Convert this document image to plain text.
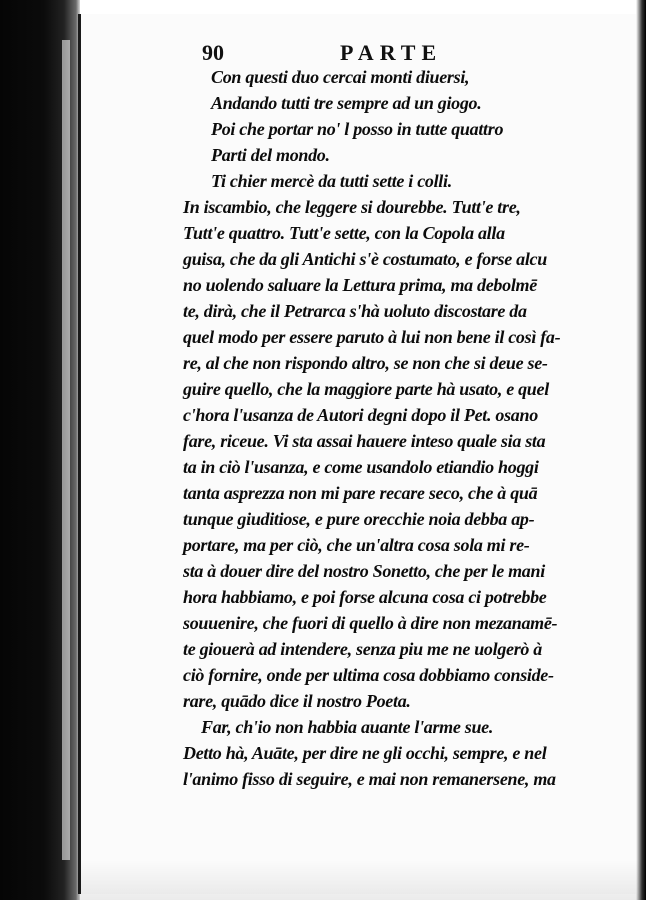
90	PARTE
Con questi duo cercai monti diuersi,
Andando tutti tre sempre ad un giogo.
Poi che portar no' l posso in tutte quattro
Parti del mondo.
Ti chier mercè da tutti sette i colli.
In iscambio, che leggere si dourebbe. Tutt'e tre,
Tutt'e quattro. Tutt'e sette, con la Copola alla
guisa, che da gli Antichi s'è costumato, e forse alcu
no uolendo saluare la Lettura prima, ma debolmē
te, dirà, che il Petrarca s'hà uoluto discostare da
quel modo per essere paruto à lui non bene il così fa-
re, al che non rispondo altro, se non che si deue se-
guire quello, che la maggiore parte hà usato, e quel
c'hora l'usanza de Autori degni dopo il Pet. osano
fare, riceue. Vi sta assai hauere inteso quale sia sta
ta in ciò l'usanza, e come usandolo etiandio hoggi
tanta asprezza non mi pare recare seco, che à quā
tunque giuditiose, e pure orecchie noia debba ap-
portare, ma per ciò, che un'altra cosa sola mi re-
sta à douer dire del nostro Sonetto, che per le mani
hora habbiamo, e poi forse alcuna cosa ci potrebbe
souuenire, che fuori di quello à dire non mezanamē-
te giouerà ad intendere, senza piu me ne uolgerò à
ciò fornire, onde per ultima cosa dobbiamo conside-
rare, quādo dice il nostro Poeta.
Far, ch'io non habbia auante l'arme sue.
Detto hà, Auāte, per dire ne gli occhi, sempre, e nel
l'animo fisso di seguire, e mai non remanersene, ma
